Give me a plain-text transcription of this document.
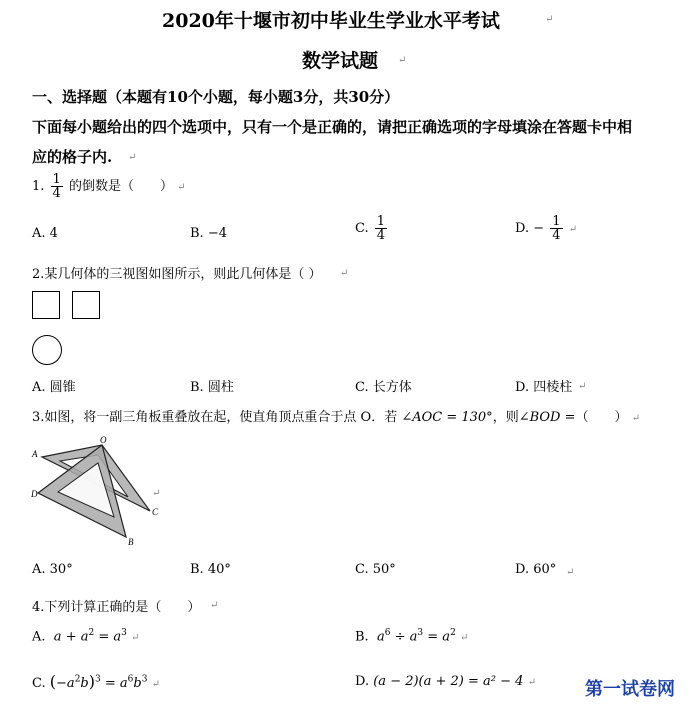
2020年十堰市初中毕业生学业水平考试	↵
数学试题 ↵
一、选择题（本题有10个小题，每小题3分，共30分）
下面每小题给出的四个选项中，只有一个是正确的，请把正确选项的字母填涂在答题卡中相
应的格子内. ↵
1. $\frac{1}{4}$ 的倒数是（　　） ↵
A. 4	B. −4	C. $\frac{1}{4}$	D. − $\frac{1}{4}$ ↵
2.某几何体的三视图如图所示，则此几何体是（ ） ↵
A. 圆锥	B. 圆柱	C. 长方体	D. 四棱柱 ↵
3.如图，将一副三角板重叠放在起，使直角顶点重合于点 O．若 ∠AOC = 130°，则∠BOD =（　　） ↵
A
O
D
C
B
↵
A. 30°	B. 40°	C. 50°	D. 60° ↵
4.下列计算正确的是（　　） ↵
A.  $a + a^2 = a^3$ ↵	B.  $a^6 \div a^3 = a^2$ ↵
C. $(-a^2b)^3 = a^6b^3$ ↵	D. (a − 2)(a + 2) = a² − 4 ↵	第一试卷网
